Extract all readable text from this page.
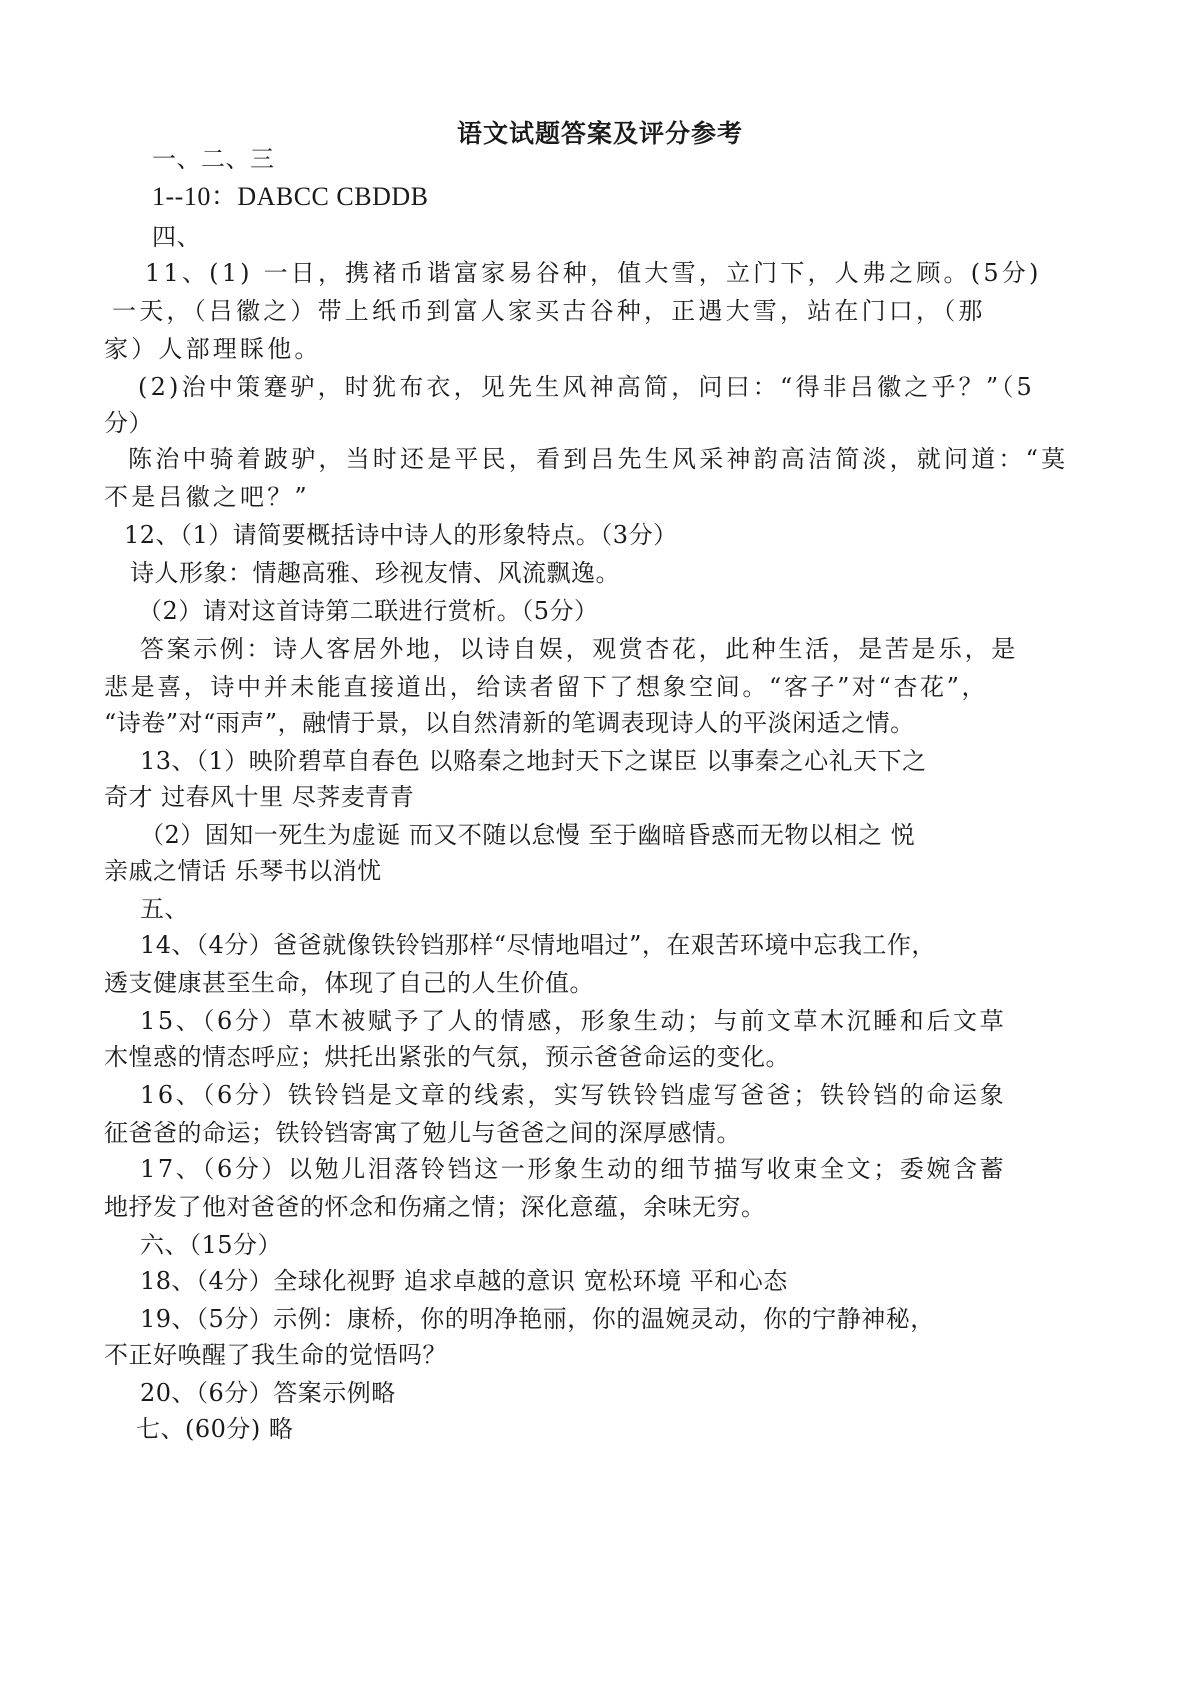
语文试题答案及评分参考
一、二、三
1--10：DABCC CBDDB
四、
11、(1) 一日，携褚币谐富家易谷种，值大雪，立门下，人弗之顾。(5分)
一天，（吕徽之）带上纸币到富人家买古谷种，正遇大雪，站在门口，（那
家）人部理睬他。
(2)治中策蹇驴，时犹布衣，见先生风神高简，问曰：“得非吕徽之乎？”（5
分）
陈治中骑着跛驴，当时还是平民，看到吕先生风采神韵高洁简淡，就问道：“莫
不是吕徽之吧？”
12、（1）请简要概括诗中诗人的形象特点。（3分）
诗人形象：情趣高雅、珍视友情、风流飘逸。
（2）请对这首诗第二联进行赏析。（5分）
答案示例：诗人客居外地，以诗自娱，观赏杏花，此种生活，是苦是乐，是
悲是喜，诗中并未能直接道出，给读者留下了想象空间。“客子”对“杏花”，
“诗卷”对“雨声”，融情于景，以自然清新的笔调表现诗人的平淡闲适之情。
13、（1）映阶碧草自春色 以赂秦之地封天下之谋臣 以事秦之心礼天下之
奇才 过春风十里 尽荠麦青青
（2）固知一死生为虚诞 而又不随以怠慢 至于幽暗昏惑而无物以相之 悦
亲戚之情话 乐琴书以消忧
五、
14、（4分）爸爸就像铁铃铛那样“尽情地唱过”，在艰苦环境中忘我工作，
透支健康甚至生命，体现了自己的人生价值。
15、（6分）草木被赋予了人的情感，形象生动；与前文草木沉睡和后文草
木惶惑的情态呼应；烘托出紧张的气氛，预示爸爸命运的变化。
16、（6分）铁铃铛是文章的线索，实写铁铃铛虚写爸爸；铁铃铛的命运象
征爸爸的命运；铁铃铛寄寓了勉儿与爸爸之间的深厚感情。
17、（6分）以勉儿泪落铃铛这一形象生动的细节描写收束全文；委婉含蓄
地抒发了他对爸爸的怀念和伤痛之情；深化意蕴，余味无穷。
六、（15分）
18、（4分）全球化视野 追求卓越的意识 宽松环境 平和心态
19、（5分）示例：康桥，你的明净艳丽，你的温婉灵动，你的宁静神秘，
不正好唤醒了我生命的觉悟吗？
20、（6分）答案示例略
七、(60分) 略
